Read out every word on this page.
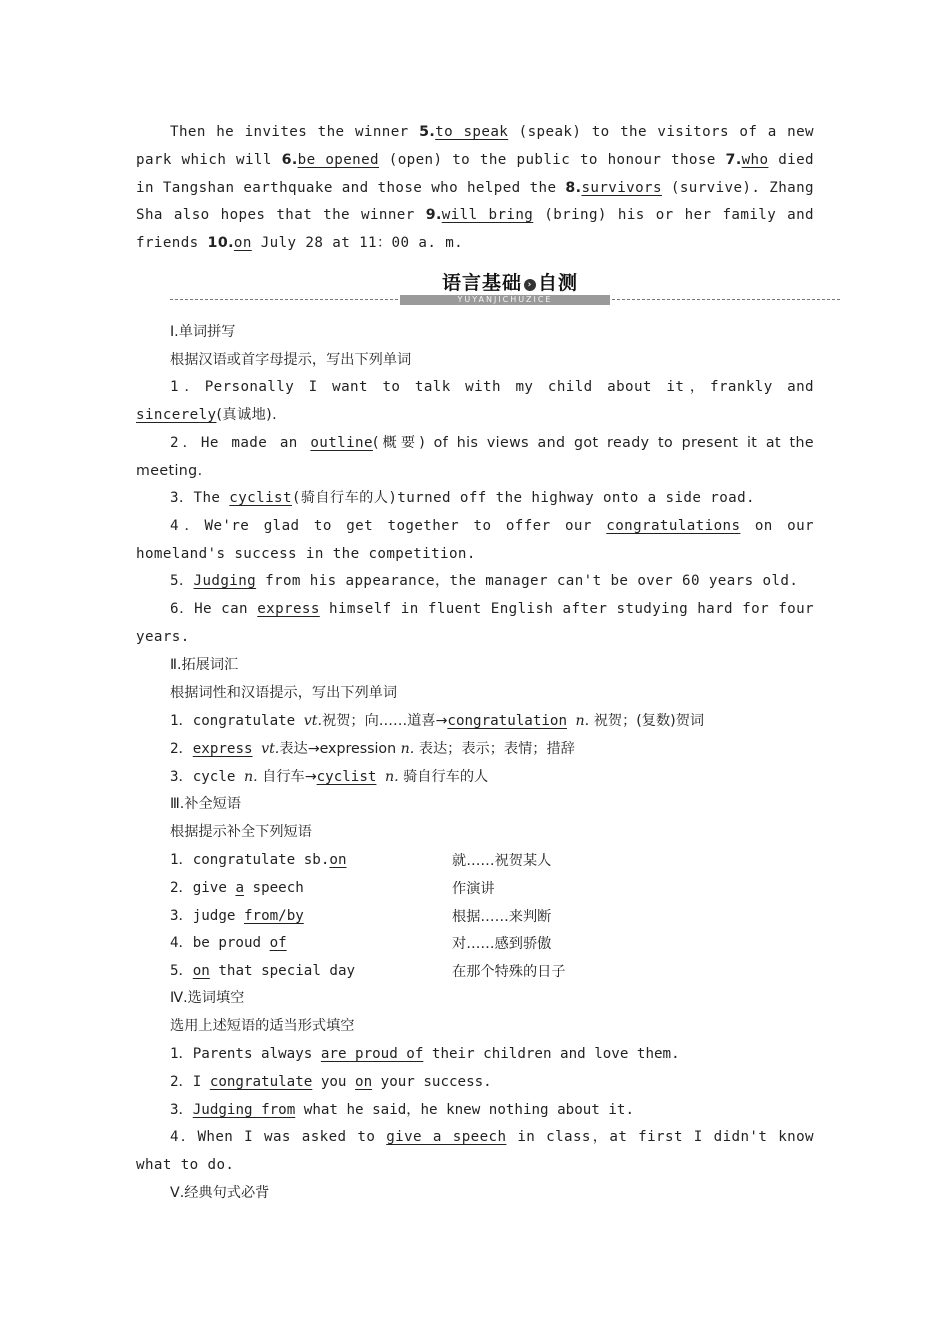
Then he invites the winner 5.to speak (speak) to the visitors of a new park which will 6.be opened (open) to the public to honour those 7.who died in Tangshan earthquake and those who helped the 8.survivors (survive). Zhang Sha also hopes that the winner 9.will bring (bring) his or her family and friends 10.on July 28 at 11：00 a. m.
语言基础 › 自测
YUYANJICHUZICE
Ⅰ.单词拼写
根据汉语或首字母提示，写出下列单词
1．Personally I want to talk with my child about it，frankly and sincerely(真诚地).
2．He made an outline(概要) of his views and got ready to present it at the meeting.
3．The cyclist(骑自行车的人)turned off the highway onto a side road.
4．We're glad to get together to offer our congratulations on our homeland's success in the competition.
5．Judging from his appearance，the manager can't be over 60 years old.
6．He can express himself in fluent English after studying hard for four years.
Ⅱ.拓展词汇
根据词性和汉语提示，写出下列单词
1．congratulate vt.祝贺；向……道喜→congratulation n. 祝贺；(复数)贺词
2．express vt.表达→expression n. 表达；表示；表情；措辞
3．cycle n. 自行车→cyclist n. 骑自行车的人
Ⅲ.补全短语
根据提示补全下列短语
1．congratulate sb.on	就……祝贺某人
2．give a speech	作演讲
3．judge from/by	根据……来判断
4．be proud of	对……感到骄傲
5．on that special day	在那个特殊的日子
Ⅳ.选词填空
选用上述短语的适当形式填空
1．Parents always are proud of their children and love them.
2．I congratulate you on your success.
3．Judging from what he said，he knew nothing about it.
4．When I was asked to give a speech in class，at first I didn't know what to do.
Ⅴ.经典句式必背
